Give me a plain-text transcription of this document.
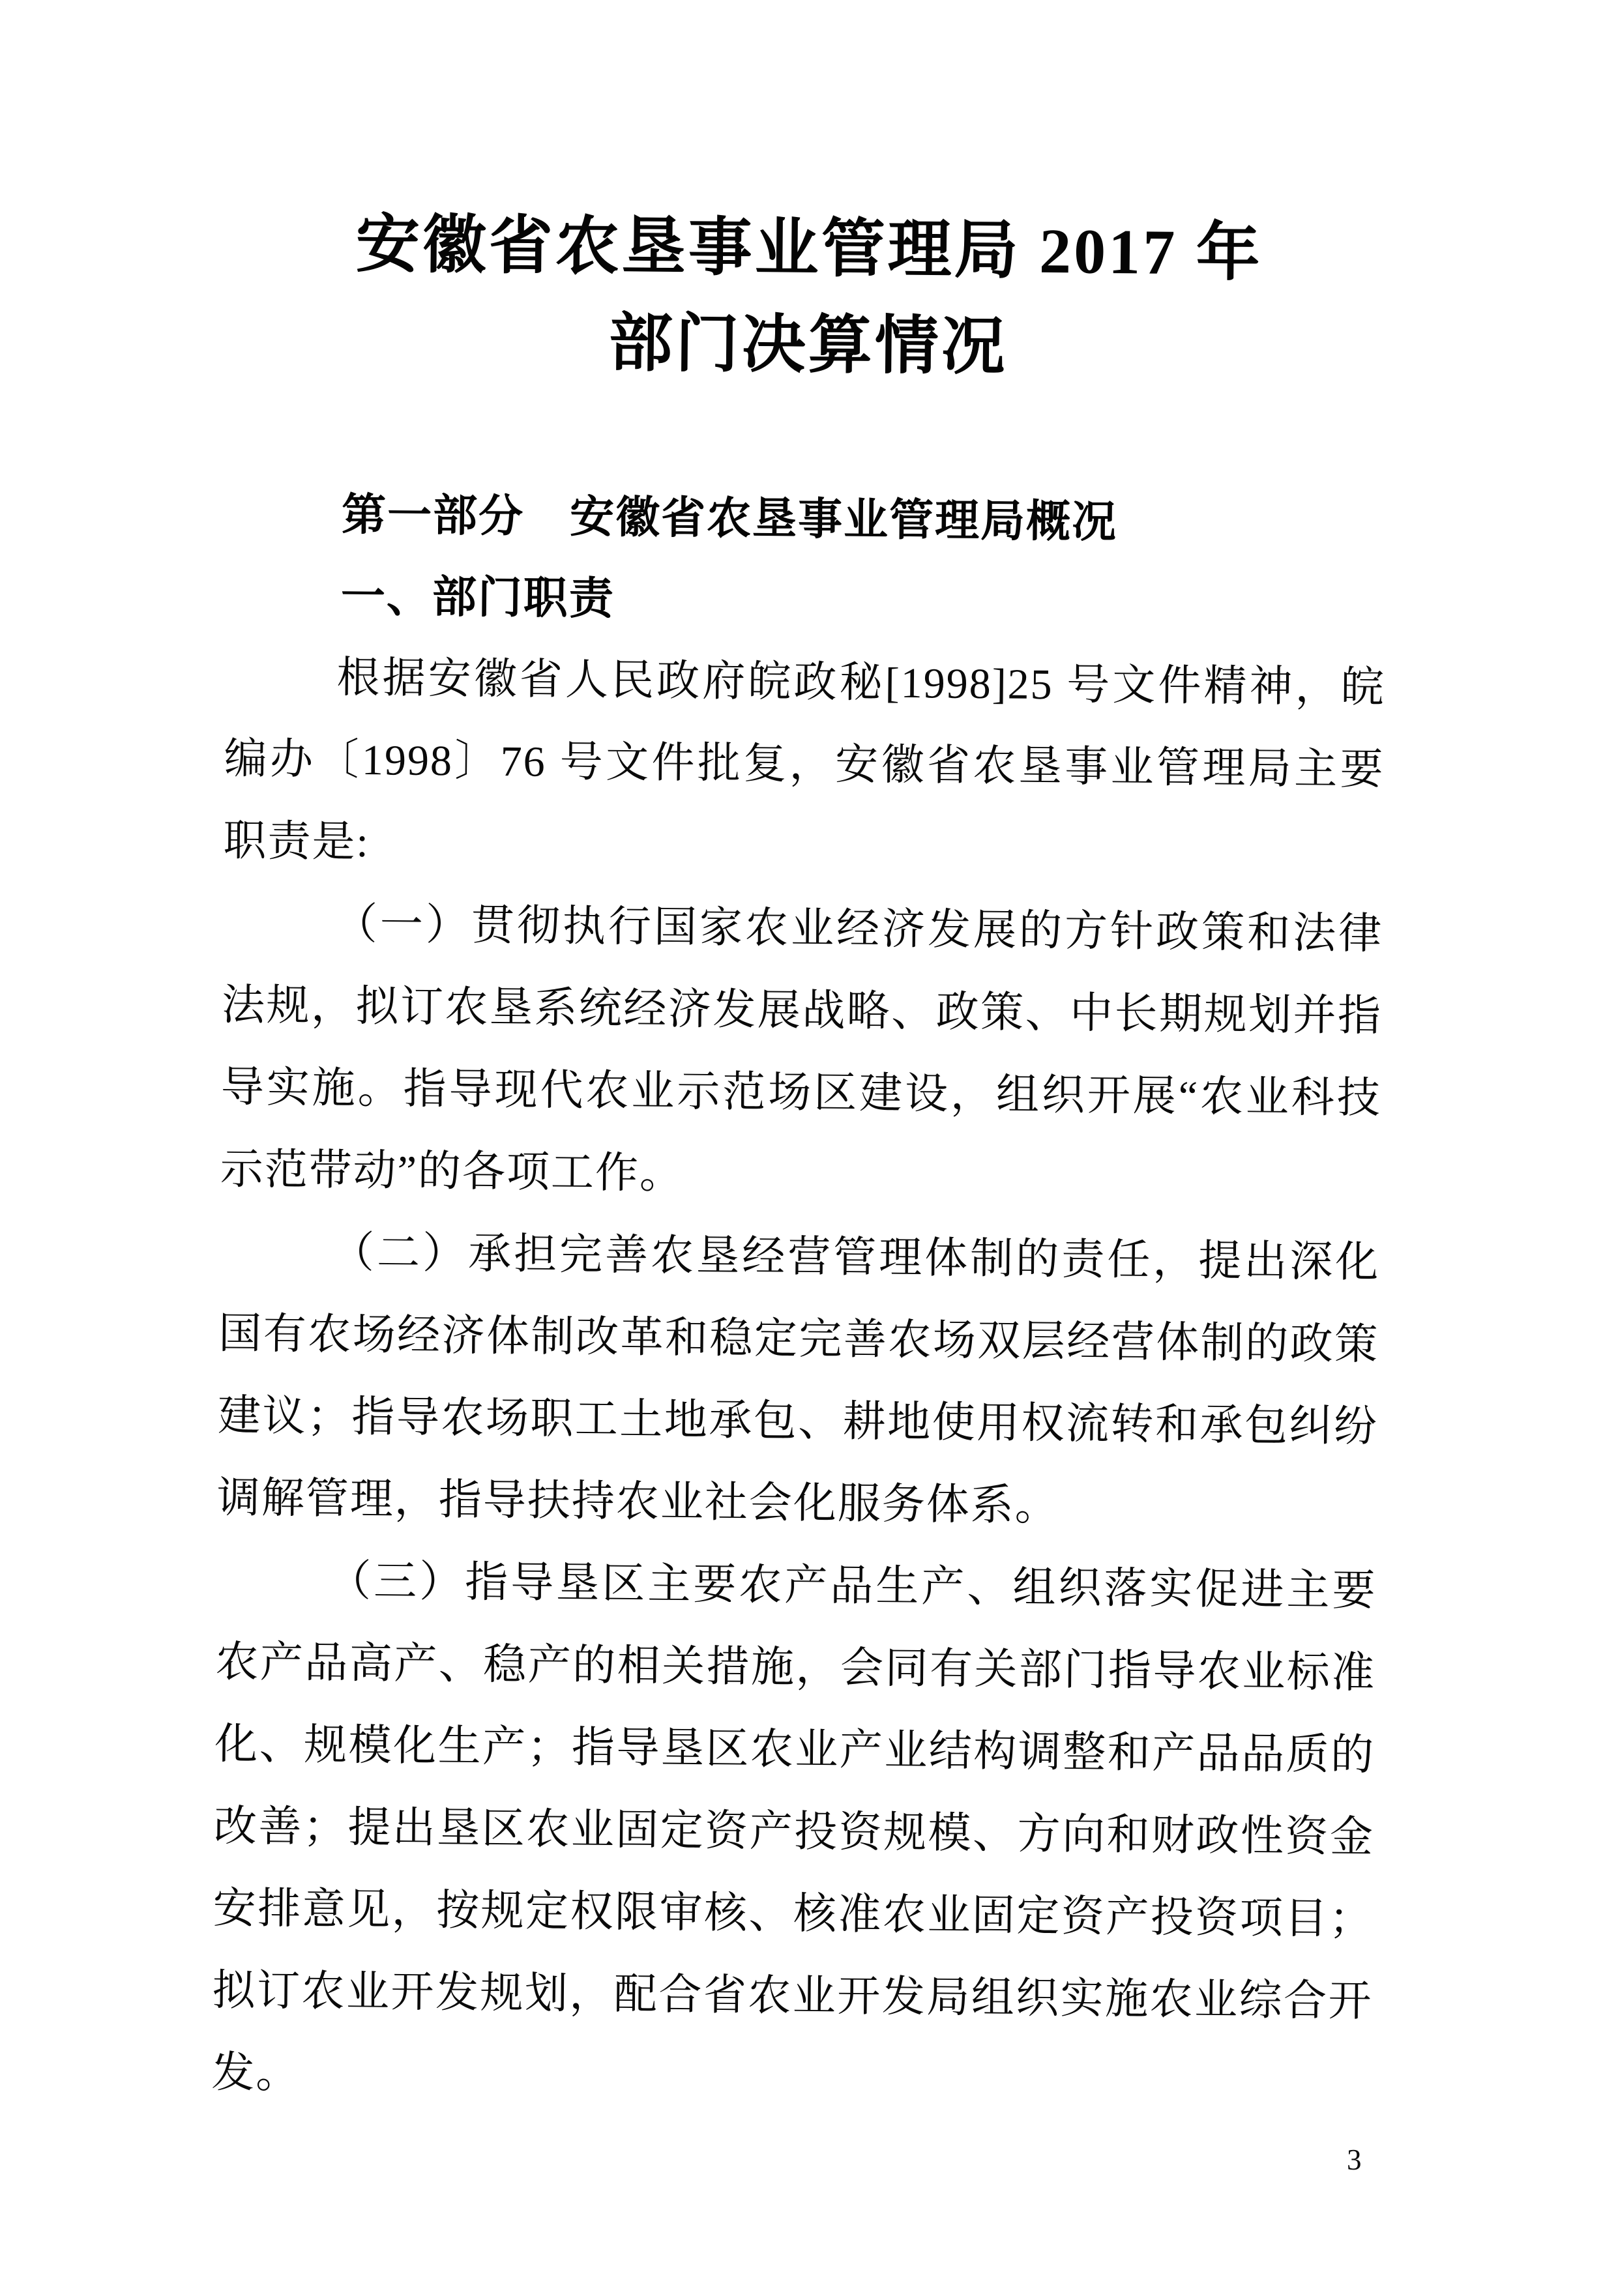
安徽省农垦事业管理局 2017 年
部门决算情况
第一部分　安徽省农垦事业管理局概况
一、部门职责

根据安徽省人民政府皖政秘[1998]25 号文件精神，皖编办〔1998〕76 号文件批复，安徽省农垦事业管理局主要职责是:

（一）贯彻执行国家农业经济发展的方针政策和法律法规，拟订农垦系统经济发展战略、政策、中长期规划并指导实施。指导现代农业示范场区建设，组织开展“农业科技示范带动”的各项工作。

（二）承担完善农垦经营管理体制的责任，提出深化国有农场经济体制改革和稳定完善农场双层经营体制的政策建议；指导农场职工土地承包、耕地使用权流转和承包纠纷调解管理，指导扶持农业社会化服务体系。

（三）指导垦区主要农产品生产、组织落实促进主要农产品高产、稳产的相关措施，会同有关部门指导农业标准化、规模化生产；指导垦区农业产业结构调整和产品品质的改善；提出垦区农业固定资产投资规模、方向和财政性资金安排意见，按规定权限审核、核准农业固定资产投资项目；拟订农业开发规划，配合省农业开发局组织实施农业综合开发。

3
